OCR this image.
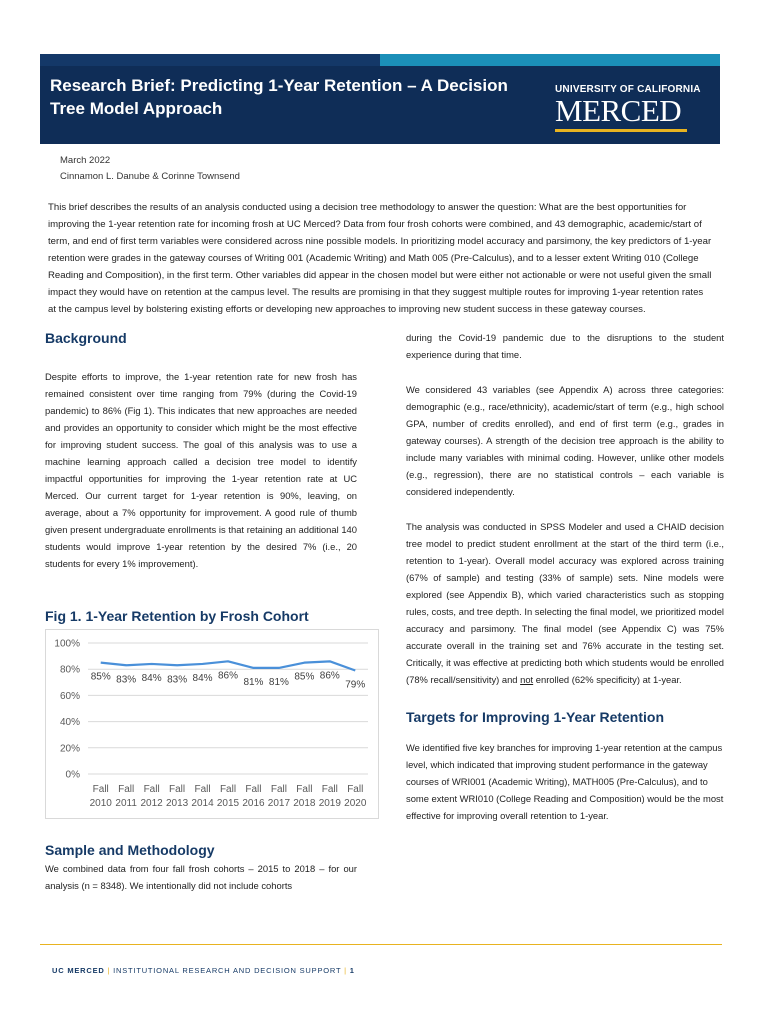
Research Brief: Predicting 1-Year Retention – A Decision Tree Model Approach
UNIVERSITY OF CALIFORNIA
MERCED
March 2022
Cinnamon L. Danube & Corinne Townsend
This brief describes the results of an analysis conducted using a decision tree methodology to answer the question: What are the best opportunities for improving the 1-year retention rate for incoming frosh at UC Merced? Data from four frosh cohorts were combined, and 43 demographic, academic/start of term, and end of first term variables were considered across nine possible models. In prioritizing model accuracy and parsimony, the key predictors of 1-year retention were grades in the gateway courses of Writing 001 (Academic Writing) and Math 005 (Pre-Calculus), and to a lesser extent Writing 010 (College Reading and Composition), in the first term. Other variables did appear in the chosen model but were either not actionable or were not useful given the small impact they would have on retention at the campus level. The results are promising in that they suggest multiple routes for improving 1-year retention rates at the campus level by bolstering existing efforts or developing new approaches to improving new student success in these gateway courses.
Background
Despite efforts to improve, the 1-year retention rate for new frosh has remained consistent over time ranging from 79% (during the Covid-19 pandemic) to 86% (Fig 1). This indicates that new approaches are needed and provides an opportunity to consider which might be the most effective for improving student success. The goal of this analysis was to use a machine learning approach called a decision tree model to identify impactful opportunities for improving the 1-year retention rate at UC Merced. Our current target for 1-year retention is 90%, leaving, on average, about a 7% opportunity for improvement. A good rule of thumb given present undergraduate enrollments is that retaining an additional 140 students would improve 1-year retention by the desired 7% (i.e., 20 students for every 1% improvement).
Fig 1. 1-Year Retention by Frosh Cohort
0%
20%
40%
60%
80%
100%
85%
Fall
2010
83%
Fall
2011
84%
Fall
2012
83%
Fall
2013
84%
Fall
2014
86%
Fall
2015
81%
Fall
2016
81%
Fall
2017
85%
Fall
2018
86%
Fall
2019
79%
Fall
2020
Sample and Methodology
We combined data from four fall frosh cohorts – 2015 to 2018 – for our analysis (n = 8348). We intentionally did not include cohorts
during the Covid-19 pandemic due to the disruptions to the student experience during that time.
We considered 43 variables (see Appendix A) across three categories: demographic (e.g., race/ethnicity), academic/start of term (e.g., high school GPA, number of credits enrolled), and end of first term (e.g., grades in gateway courses). A strength of the decision tree approach is the ability to include many variables with minimal coding. However, unlike other models (e.g., regression), there are no statistical controls – each variable is considered independently.
The analysis was conducted in SPSS Modeler and used a CHAID decision tree model to predict student enrollment at the start of the third term (i.e., retention to 1-year). Overall model accuracy was explored across training (67% of sample) and testing (33% of sample) sets. Nine models were explored (see Appendix B), which varied characteristics such as stopping rules, costs, and tree depth. In selecting the final model, we prioritized model accuracy and parsimony. The final model (see Appendix C) was 75% accurate overall in the training set and 76% accurate in the testing set. Critically, it was effective at predicting both which students would be enrolled (78% recall/sensitivity) and not enrolled (62% specificity) at 1-year.
Targets for Improving 1-Year Retention
We identified five key branches for improving 1-year retention at the campus level, which indicated that improving student performance in the gateway courses of WRI001 (Academic Writing), MATH005 (Pre-Calculus), and to some extent WRI010 (College Reading and Composition) would be the most effective for improving overall retention to 1-year.
UC MERCED | INSTITUTIONAL RESEARCH AND DECISION SUPPORT | 1
